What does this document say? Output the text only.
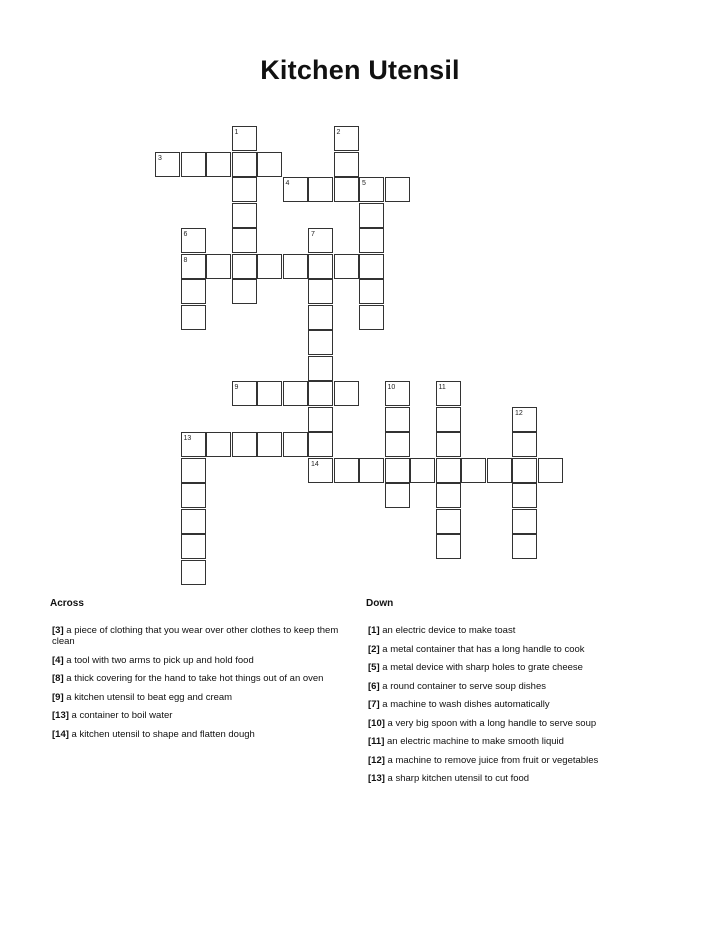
Kitchen Utensil
1	2
3
4	5
6	7
8
9	10	11
12
13
14
Across
[3] a piece of clothing that you wear over other clothes to keep them clean
[4] a tool with two arms to pick up and hold food
[8] a thick covering for the hand to take hot things out of an oven
[9] a kitchen utensil to beat egg and cream
[13] a container to boil water
[14] a kitchen utensil to shape and flatten dough
Down
[1] an electric device to make toast
[2] a metal container that has a long handle to cook
[5] a metal device with sharp holes to grate cheese
[6] a round container to serve soup dishes
[7] a machine to wash dishes automatically
[10] a very big spoon with a long handle to serve soup
[11] an electric machine to make smooth liquid
[12] a machine to remove juice from fruit or vegetables
[13] a sharp kitchen utensil to cut food
